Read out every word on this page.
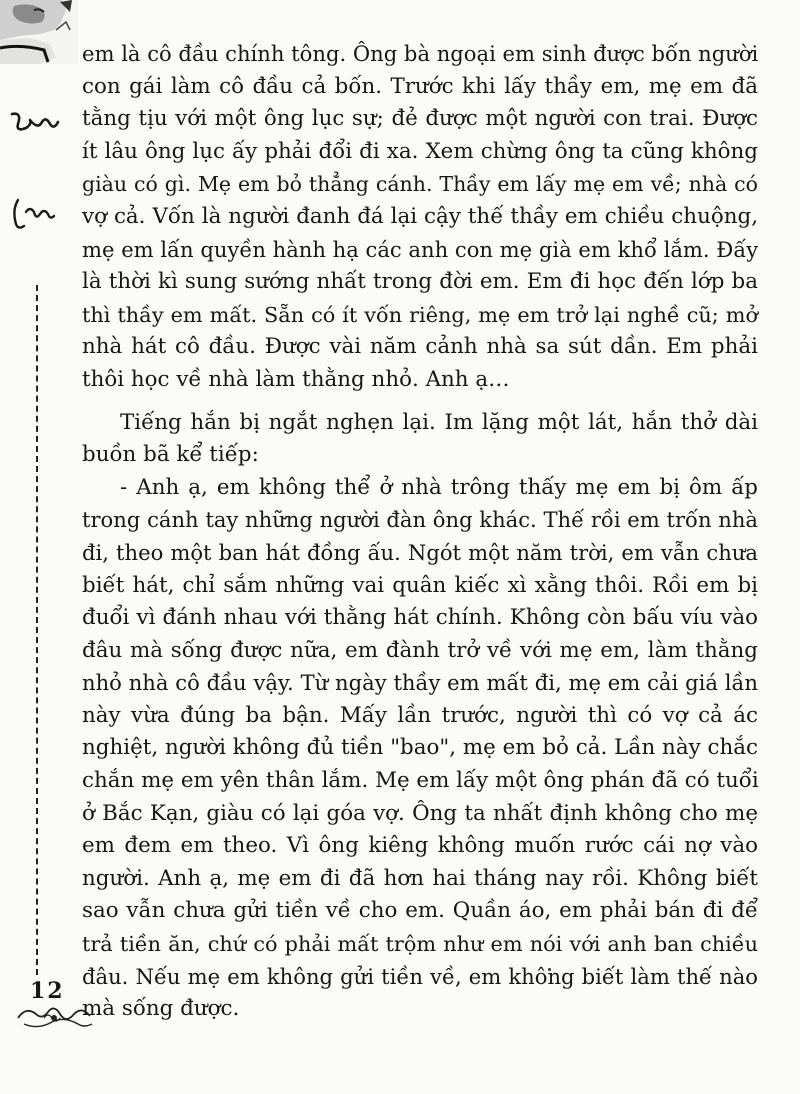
12

em là cô đầu chính tông. Ông bà ngoại em sinh được bốn người
con gái làm cô đầu cả bốn. Trước khi lấy thầy em, mẹ em đã
tằng tịu với một ông lục sự; đẻ được một người con trai. Được
ít lâu ông lục ấy phải đổi đi xa. Xem chừng ông ta cũng không
giàu có gì. Mẹ em bỏ thẳng cánh. Thầy em lấy mẹ em về; nhà có
vợ cả. Vốn là người đanh đá lại cậy thế thầy em chiều chuộng,
mẹ em lấn quyền hành hạ các anh con mẹ già em khổ lắm. Đấy
là thời kì sung sướng nhất trong đời em. Em đi học đến lớp ba
thì thầy em mất. Sẵn có ít vốn riêng, mẹ em trở lại nghề cũ; mở
nhà hát cô đầu. Được vài năm cảnh nhà sa sút dần. Em phải
thôi học về nhà làm thằng nhỏ. Anh ạ…

Tiếng hắn bị ngắt nghẹn lại. Im lặng một lát, hắn thở dài
buồn bã kể tiếp:

- Anh ạ, em không thể ở nhà trông thấy mẹ em bị ôm ấp
trong cánh tay những người đàn ông khác. Thế rồi em trốn nhà
đi, theo một ban hát đồng ấu. Ngót một năm trời, em vẫn chưa
biết hát, chỉ sắm những vai quân kiếc xì xằng thôi. Rồi em bị
đuổi vì đánh nhau với thằng hát chính. Không còn bấu víu vào
đâu mà sống được nữa, em đành trở về với mẹ em, làm thằng
nhỏ nhà cô đầu vậy. Từ ngày thầy em mất đi, mẹ em cải giá lần
này vừa đúng ba bận. Mấy lần trước, người thì có vợ cả ác
nghiệt, người không đủ tiền "bao", mẹ em bỏ cả. Lần này chắc
chắn mẹ em yên thân lắm. Mẹ em lấy một ông phán đã có tuổi
ở Bắc Kạn, giàu có lại góa vợ. Ông ta nhất định không cho mẹ
em đem em theo. Vì ông kiêng không muốn rước cái nợ vào
người. Anh ạ, mẹ em đi đã hơn hai tháng nay rồi. Không biết
sao vẫn chưa gửi tiền về cho em. Quần áo, em phải bán đi để
trả tiền ăn, chứ có phải mất trộm như em nói với anh ban chiều
đâu. Nếu mẹ em không gửi tiền về, em không biết làm thế nào
mà sống được.
